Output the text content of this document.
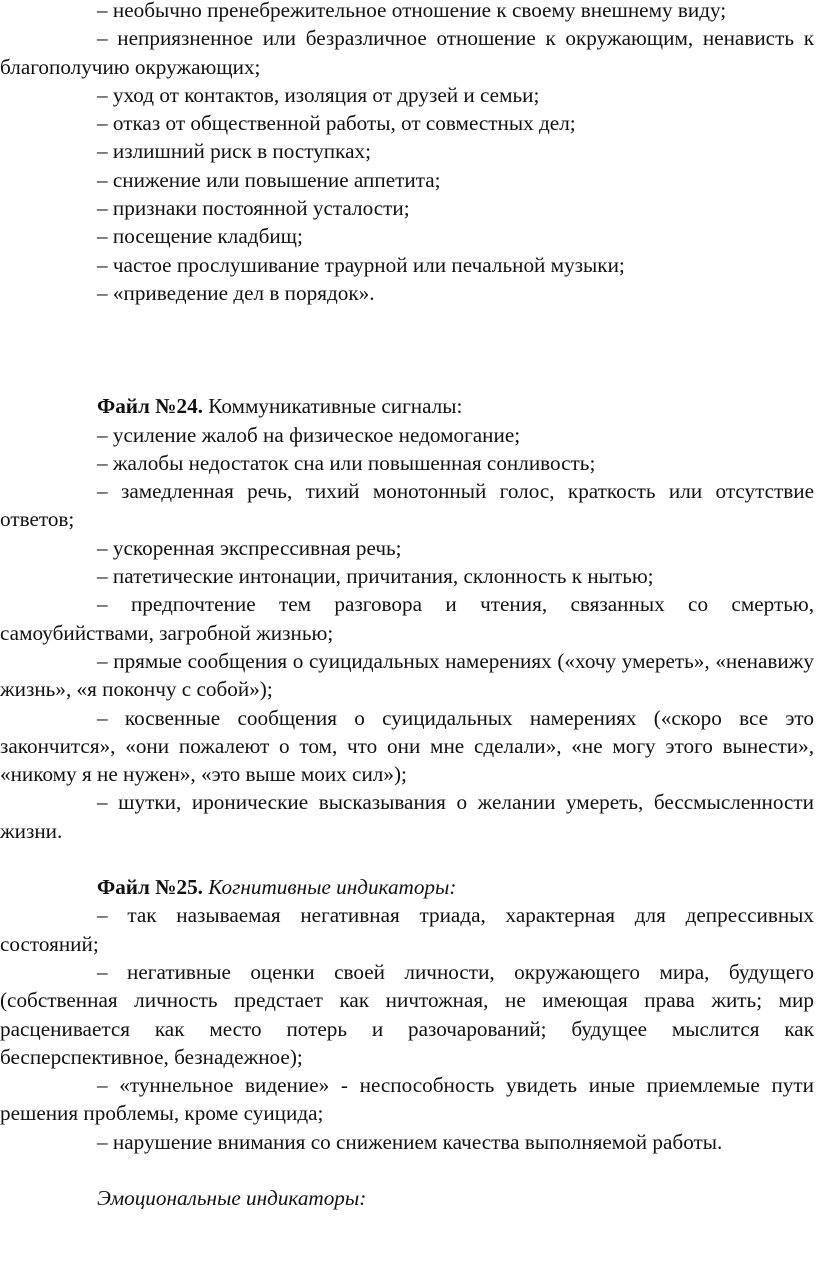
– необычно пренебрежительное отношение к своему внешнему виду;

– неприязненное или безразличное отношение к окружающим, ненависть к благополучию окружающих;

– уход от контактов, изоляция от друзей и семьи;

– отказ от общественной работы, от совместных дел;

– излишний риск в поступках;

– снижение или повышение аппетита;

– признаки постоянной усталости;

– посещение кладбищ;

– частое прослушивание траурной или печальной музыки;

– «приведение дел в порядок».

Файл №24. Коммуникативные сигналы:

– усиление жалоб на физическое недомогание;

– жалобы недостаток сна или повышенная сонливость;

– замедленная речь, тихий монотонный голос, краткость или отсутствие ответов;

– ускоренная экспрессивная речь;

– патетические интонации, причитания, склонность к нытью;

– предпочтение тем разговора и чтения, связанных со смертью, самоубийствами, загробной жизнью;

– прямые сообщения о суицидальных намерениях («хочу умереть», «ненавижу жизнь», «я покончу с собой»);

– косвенные сообщения о суицидальных намерениях («скоро все это закончится», «они пожалеют о том, что они мне сделали», «не могу этого вынести», «никому я не нужен», «это выше моих сил»);

– шутки, иронические высказывания о желании умереть, бессмысленности жизни.

Файл №25. Когнитивные индикаторы:

– так называемая негативная триада, характерная для депрессивных состояний;

– негативные оценки своей личности, окружающего мира, будущего (собственная личность предстает как ничтожная, не имеющая права жить; мир расценивается как место потерь и разочарований; будущее мыслится как бесперспективное, безнадежное);

– «туннельное видение» - неспособность увидеть иные приемлемые пути решения проблемы, кроме суицида;

– нарушение внимания со снижением качества выполняемой работы.

Эмоциональные индикаторы:
